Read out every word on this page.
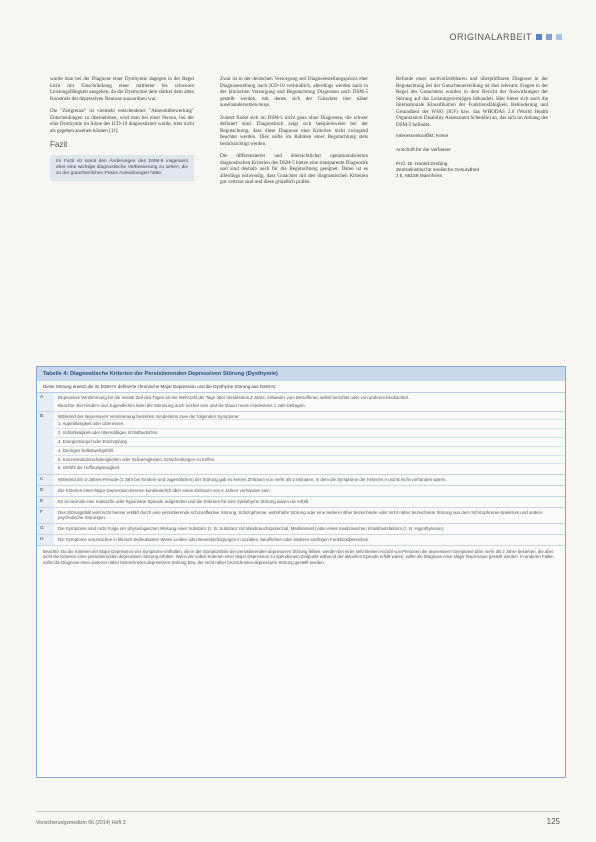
ORIGINALARBEIT

wurde man bei der Diagnose einer Dysthymie dagegen in der Regel nicht mit Einschränkung einer mittleren bis schweren Leistungsfähigkeit ausgehen, da die Dysthymie dem stärker dem alten Konstrukt der depressiven Neurose zuzuordnen war.

Die "Zeitgrenze" ist vielmehr entscheidend: "Aktenmitbewertung" Entscheidungen zu übernehmen, wird man bei einer Person, bei der eine Dysthymie im Sinne des ICD-10 diagnostiziert wurde, stets nicht als gegeben ansehen können [11].

Fazit
Im Fazit ist somit den Änderungen des DSM-5 insgesamt eher eine wichtige diagnostische Verbesserung zu sehen, die zu der gutachterlichen Praxis Auswirkungen hätte.

Zwar ist in der deutschen Versorgung seit Diagnosestellungspraxis eher Diagnosestellung nach ICD-10 verbindlich, allerdings werden auch in der klinischen Versorgung und Begutachtung Diagnosen nach DSM-5 gestellt werden, mit denen sich der Gutachter hier näher auseinandersetzen muss.

Zuletzt findet sich im DSM-5 nicht ganz ohne Diagnosen, die schwer definiert sind. Diagnostisch zeigt sich beispielsweise bei der Begutachtung, dass diese Diagnose eine Kriterien nicht zwingend beachtet werden. Dies sollte im Rahmen einer Begutachtung stets berücksichtigt werden.

Die differenzierter und übersichtlicher operationalisierten diagnostischen Kriterien des DSM-5 bieten eine transparente Diagnostik und sind deshalb auch für die Begutachtung geeignet. Dabei ist es allerdings notwendig, dass Gutachter mit den diagnostischen Kriterien gut vertraut sind und diese gründlich prüfen.

Befunde einer nachvollziehbaren und überprüfbaren Diagnose in der Begutachtung bei der Gutachtenerstellung ist dies relevant. Fragen in der Regel des Gutachtens wurden in dem Bericht der Auswirkungen der Störung auf das Leistungsvermögen behandelt. Hier bietet sich auch die Internationale Klassifikation der Funktionsfähigkeit, Behinderung und Gesundheit der WHO (ICF) bzw. das WHODAS 2.0 (World Health Organization Disability Assessment Schedule) an, das sich im Anhang des DSM-5 befindet.

Interessenkonflikt: Keine
Anschrift für die Verfasser
Prof. Dr. Harald Dreßing
Zentralinstitut für seelische Gesundheit
J 5, 68159 Mannheim
Tabelle 4: Diagnostische Kriterien der Persistierenden Depressiven Störung (Dysthymie)
Diese Störung ersetzt die im DSM-IV definierte chronische Major Depression und die Dysthyme Störung aus DSM-IV.
A	Depressive Verstimmung für die meiste Zeit des Tages an der Mehrzahl der Tage über mindestens 2 Jahre, entweder vom Betroffenen selbst berichtet oder von anderen beobachtet.
Beachte: Bei Kindern und Jugendlichen kann die Stimmung auch reizbar sein und die Dauer muss mindestens 1 Jahr betragen.
B	Während der depressiven Verstimmung bestehen mindestens zwei der folgenden Symptome:
1. Appetitlosigkeit oder Überessen.
2. Schlaflosigkeit oder übermäßiges Schlafbedürfnis.
3. Energiemangel oder Erschöpfung.
4. Geringes Selbstwertgefühl.
5. Konzentrationsschwierigkeiten oder Schwierigkeiten, Entscheidungen zu treffen.
6. Gefühl der Hoffnungslosigkeit.
C	Während der 2-Jahres-Periode (1 Jahr bei Kindern und Jugendlichen) der Störung gab es keinen Zeitraum von mehr als 2 Monaten, in dem die Symptome der Kriterien A und B nicht vorhanden waren.
D	Die Kriterien einer Major Depression können kontinuierlich über einen Zeitraum von 2 Jahren vorhanden sein.
E	Es ist niemals eine manische oder hypomane Episode aufgetreten und die Kriterien für eine zyklothyme Störung waren nie erfüllt.
F	Das Störungsbild wird nicht besser erklärt durch eine persistierende schizoaffektive Störung, Schizophrenie, wahnhafte Störung oder eine andere näher bezeichnete oder nicht näher bezeichnete Störung aus dem Schizophrenie-Spektrum und andere psychotische Störungen.
G	Die Symptome sind nicht Folge der physiologischen Wirkung einer Substanz (z. B. Substanz mit Missbrauchspotenzial, Medikament) oder eines medizinischen Krankheitsfaktors (z. B. Hypothyreose).
H	Die Symptome verursachen in klinisch bedeutsamer Weise Leiden oder Beeinträchtigungen in sozialen, beruflichen oder anderen wichtigen Funktionsbereichen.
Beachte: Da die Kriterien der Major Depression vier Symptome enthalten, die in der Symptomliste der persistierenden depressiven Störung fehlen, werden bei einer sehr kleinen Anzahl von Personen die depressiven Symptome über mehr als 2 Jahre bestehen, die aber nicht die Kriterien einer persistierenden depressiven Störung erfüllen. Wenn die vollen Kriterien einer Major Depression zu irgendeinem Zeitpunkt während der aktuellen Episode erfüllt waren, sollte die Diagnose einer Major Depression gestellt werden. In anderen Fällen sollte die Diagnose einer anderen näher bezeichneten depressiven Störung bzw. der nicht näher bezeichneten depressiven Störung gestellt werden.
Versicherungsmedizin 66 (2014) Heft 3	125
